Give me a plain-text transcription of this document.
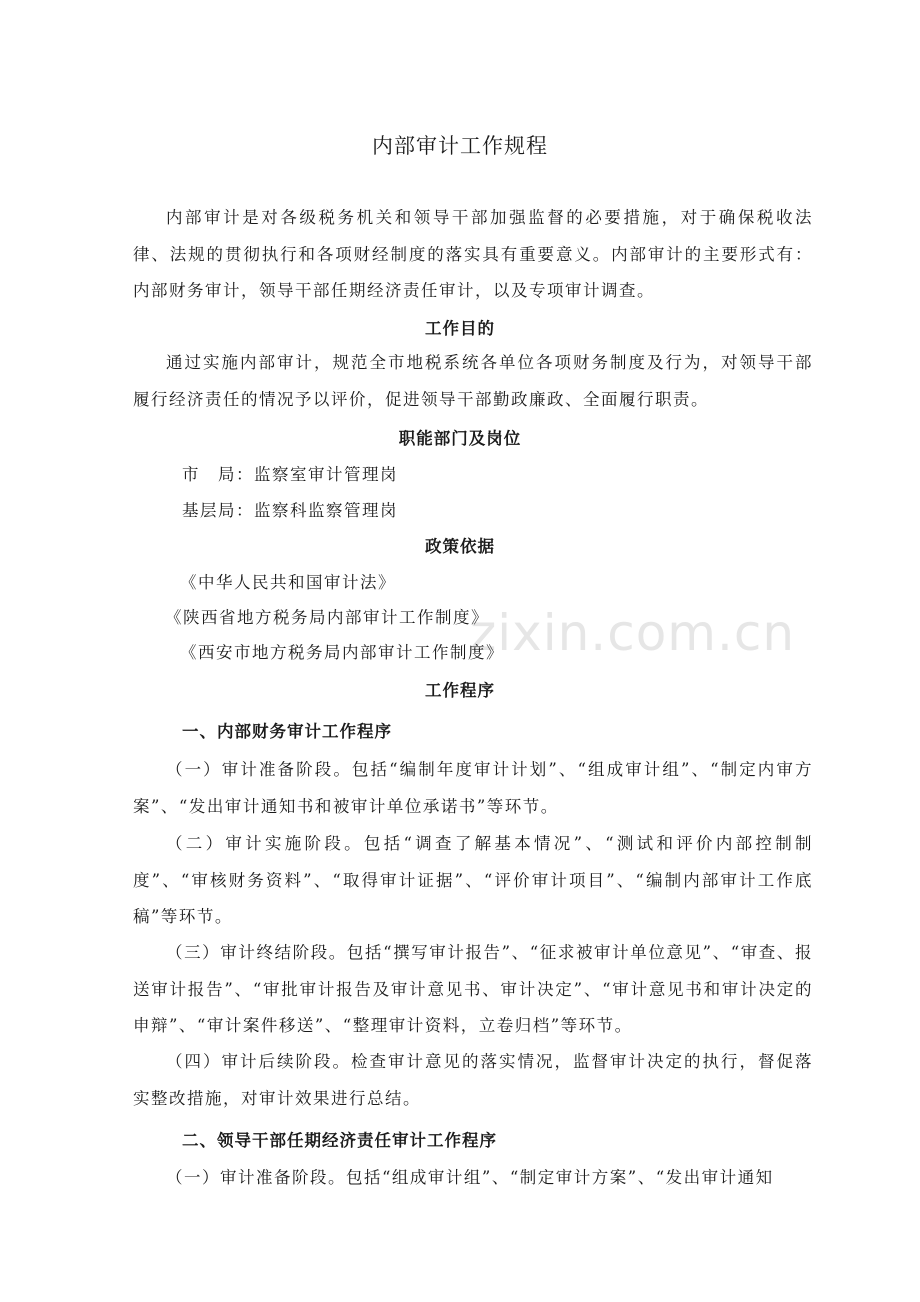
zixin.com.cn
内部审计工作规程
内部审计是对各级税务机关和领导干部加强监督的必要措施，对于确保税收法律、法规的贯彻执行和各项财经制度的落实具有重要意义。内部审计的主要形式有：内部财务审计，领导干部任期经济责任审计，以及专项审计调查。
工作目的
通过实施内部审计，规范全市地税系统各单位各项财务制度及行为，对领导干部履行经济责任的情况予以评价，促进领导干部勤政廉政、全面履行职责。
职能部门及岗位
市　局：监察室审计管理岗
基层局：监察科监察管理岗
政策依据
《中华人民共和国审计法》
《陕西省地方税务局内部审计工作制度》
《西安市地方税务局内部审计工作制度》
工作程序
一、内部财务审计工作程序
（一）审计准备阶段。包括“编制年度审计计划”、“组成审计组”、“制定内审方案”、“发出审计通知书和被审计单位承诺书”等环节。
（二）审计实施阶段。包括“调查了解基本情况”、“测试和评价内部控制制度”、“审核财务资料”、“取得审计证据”、“评价审计项目”、“编制内部审计工作底稿”等环节。
（三）审计终结阶段。包括“撰写审计报告”、“征求被审计单位意见”、“审查、报送审计报告”、“审批审计报告及审计意见书、审计决定”、“审计意见书和审计决定的申辩”、“审计案件移送”、“整理审计资料，立卷归档”等环节。
（四）审计后续阶段。检查审计意见的落实情况，监督审计决定的执行，督促落实整改措施，对审计效果进行总结。
二、领导干部任期经济责任审计工作程序
（一）审计准备阶段。包括“组成审计组”、“制定审计方案”、“发出审计通知
